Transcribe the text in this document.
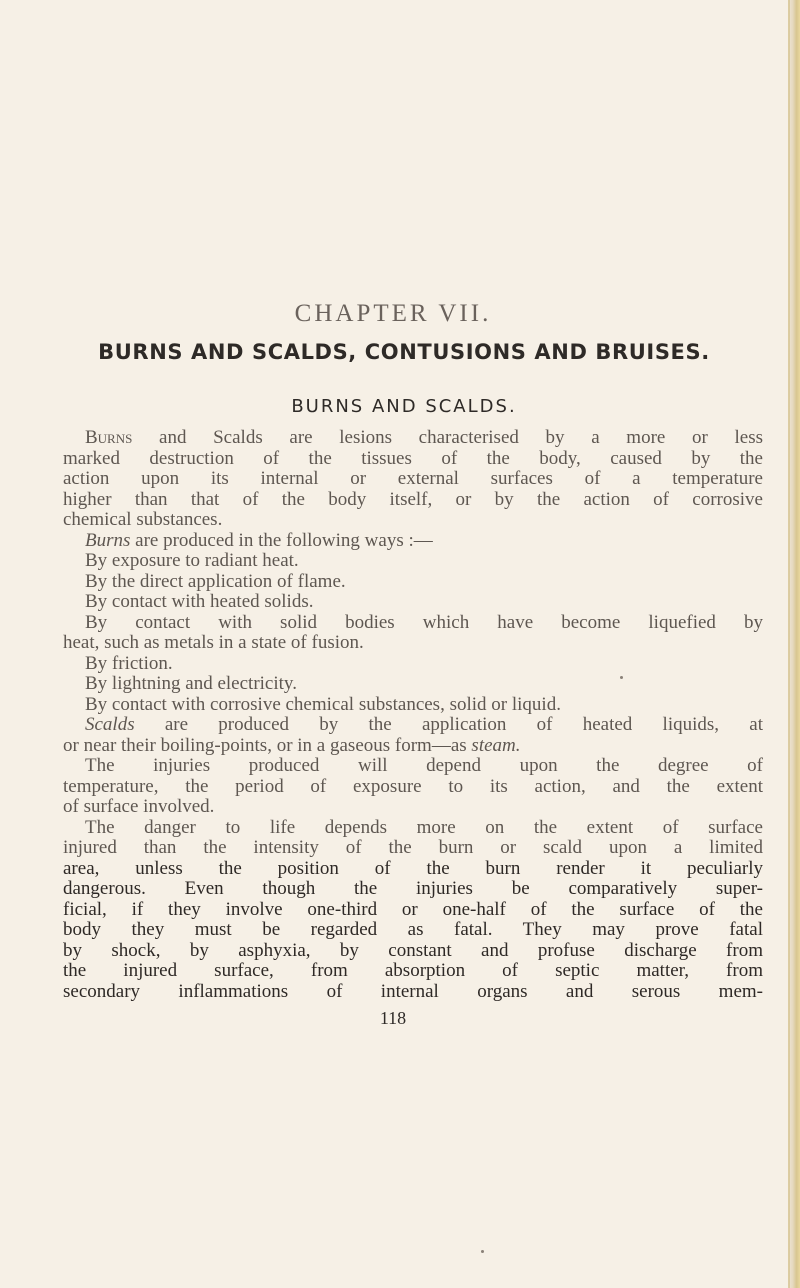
CHAPTER VII.
BURNS AND SCALDS, CONTUSIONS AND BRUISES.
BURNS AND SCALDS.
Burns and Scalds are lesions characterised by a more or less
marked destruction of the tissues of the body, caused by the
action upon its internal or external surfaces of a temperature
higher than that of the body itself, or by the action of corrosive
chemical substances.
Burns are produced in the following ways :—
By exposure to radiant heat.
By the direct application of flame.
By contact with heated solids.
By contact with solid bodies which have become liquefied by
heat, such as metals in a state of fusion.
By friction.
By lightning and electricity.
By contact with corrosive chemical substances, solid or liquid.
Scalds are produced by the application of heated liquids, at
or near their boiling-points, or in a gaseous form—as steam.
The injuries produced will depend upon the degree of
temperature, the period of exposure to its action, and the extent
of surface involved.
The danger to life depends more on the extent of surface
injured than the intensity of the burn or scald upon a limited
area, unless the position of the burn render it peculiarly
dangerous. Even though the injuries be comparatively super-
ficial, if they involve one-third or one-half of the surface of the
body they must be regarded as fatal. They may prove fatal
by shock, by asphyxia, by constant and profuse discharge from
the injured surface, from absorption of septic matter, from
secondary inflammations of internal organs and serous mem-
118
